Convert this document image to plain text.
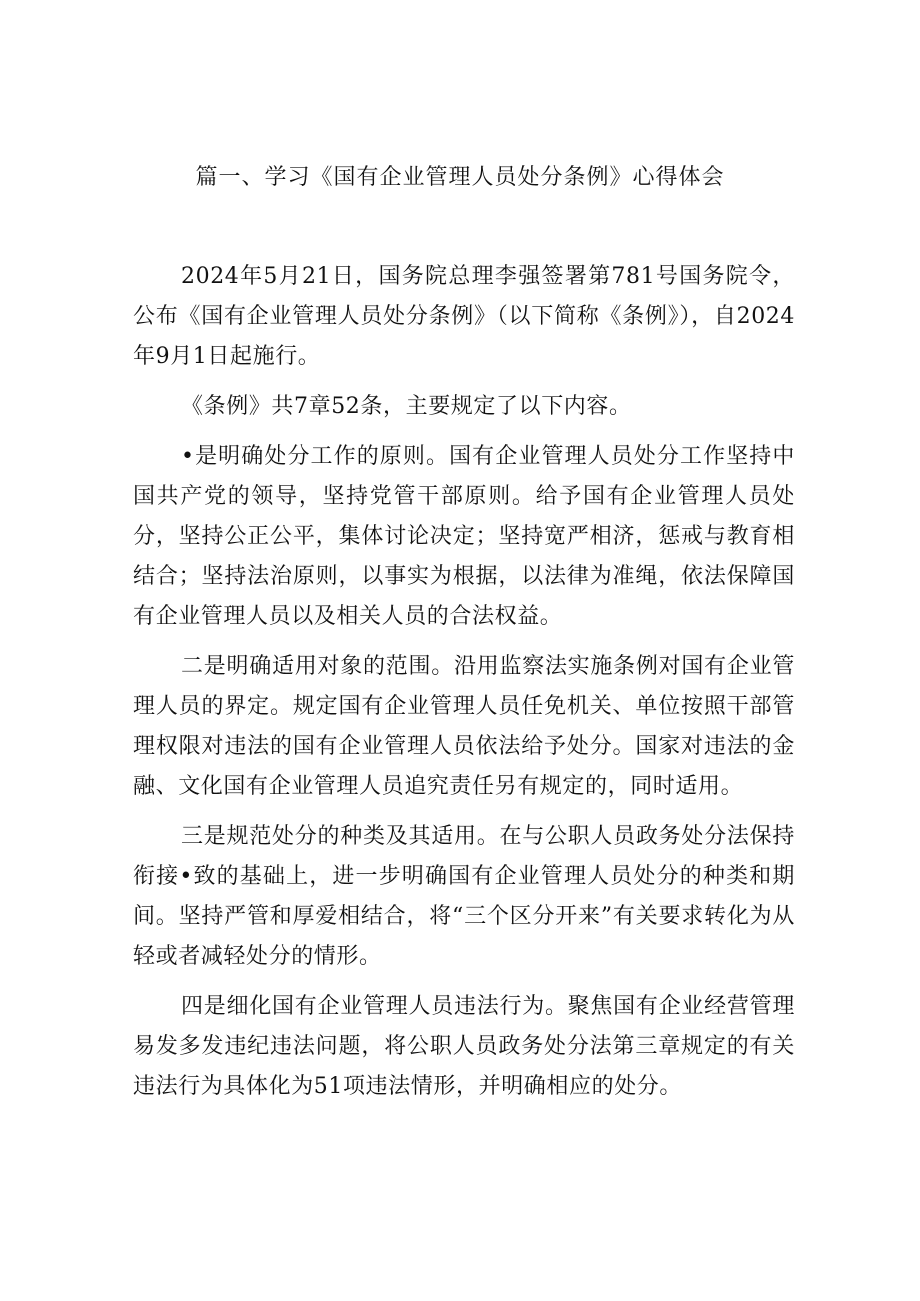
篇一、学习《国有企业管理人员处分条例》心得体会

2024年5月21日，国务院总理李强签署第781号国务院令，公布《国有企业管理人员处分条例》（以下简称《条例》），自2024年9月1日起施行。

《条例》共7章52条，主要规定了以下内容。

•是明确处分工作的原则。国有企业管理人员处分工作坚持中国共产党的领导，坚持党管干部原则。给予国有企业管理人员处分，坚持公正公平，集体讨论决定；坚持宽严相济，惩戒与教育相结合；坚持法治原则，以事实为根据，以法律为准绳，依法保障国有企业管理人员以及相关人员的合法权益。

二是明确适用对象的范围。沿用监察法实施条例对国有企业管理人员的界定。规定国有企业管理人员任免机关、单位按照干部管理权限对违法的国有企业管理人员依法给予处分。国家对违法的金融、文化国有企业管理人员追究责任另有规定的，同时适用。

三是规范处分的种类及其适用。在与公职人员政务处分法保持衔接•致的基础上，进一步明确国有企业管理人员处分的种类和期间。坚持严管和厚爱相结合，将“三个区分开来”有关要求转化为从轻或者减轻处分的情形。

四是细化国有企业管理人员违法行为。聚焦国有企业经营管理易发多发违纪违法问题，将公职人员政务处分法第三章规定的有关违法行为具体化为51项违法情形，并明确相应的处分。
